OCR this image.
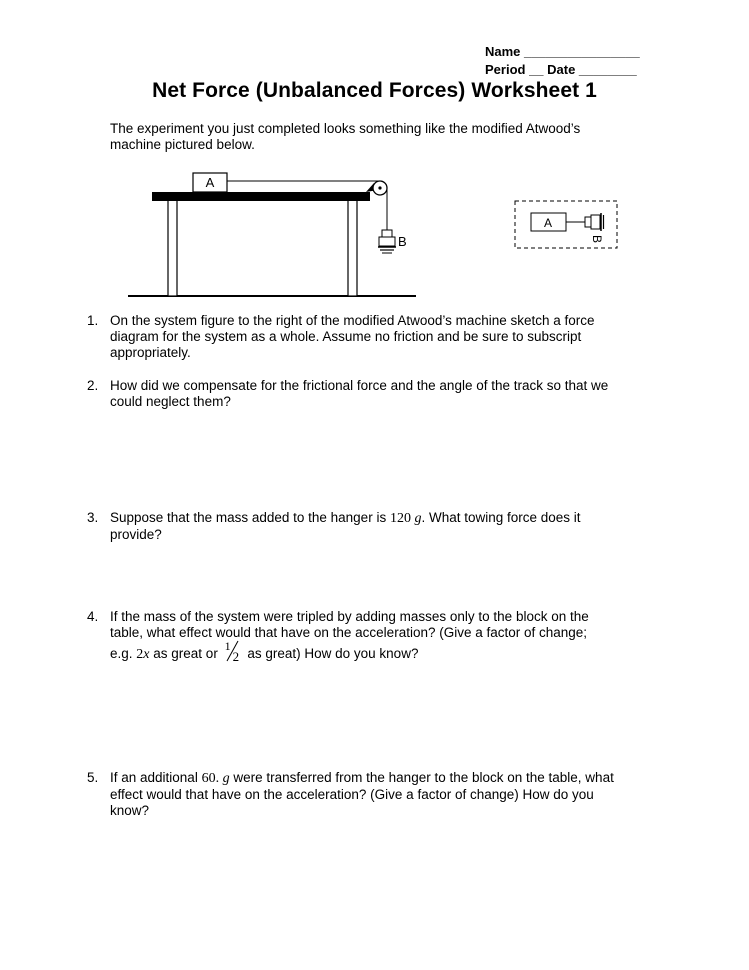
Name ________________
Period __ Date ________
Net Force (Unbalanced Forces) Worksheet 1
The experiment you just completed looks something like the modified Atwood’s
machine pictured below.
A
B
A
B
1. On the system figure to the right of the modified Atwood’s machine sketch a force
diagram for the system as a whole. Assume no friction and be sure to subscript
appropriately.
2. How did we compensate for the frictional force and the angle of the track so that we
could neglect them?
3. Suppose that the mass added to the hanger is 120 g. What towing force does it
provide?
4. If the mass of the system were tripled by adding masses only to the block on the
table, what effect would that have on the acceleration? (Give a factor of change;
e.g. 2x as great or 1
2 as great) How do you know?
5. If an additional 60. g were transferred from the hanger to the block on the table, what
effect would that have on the acceleration? (Give a factor of change) How do you
know?
